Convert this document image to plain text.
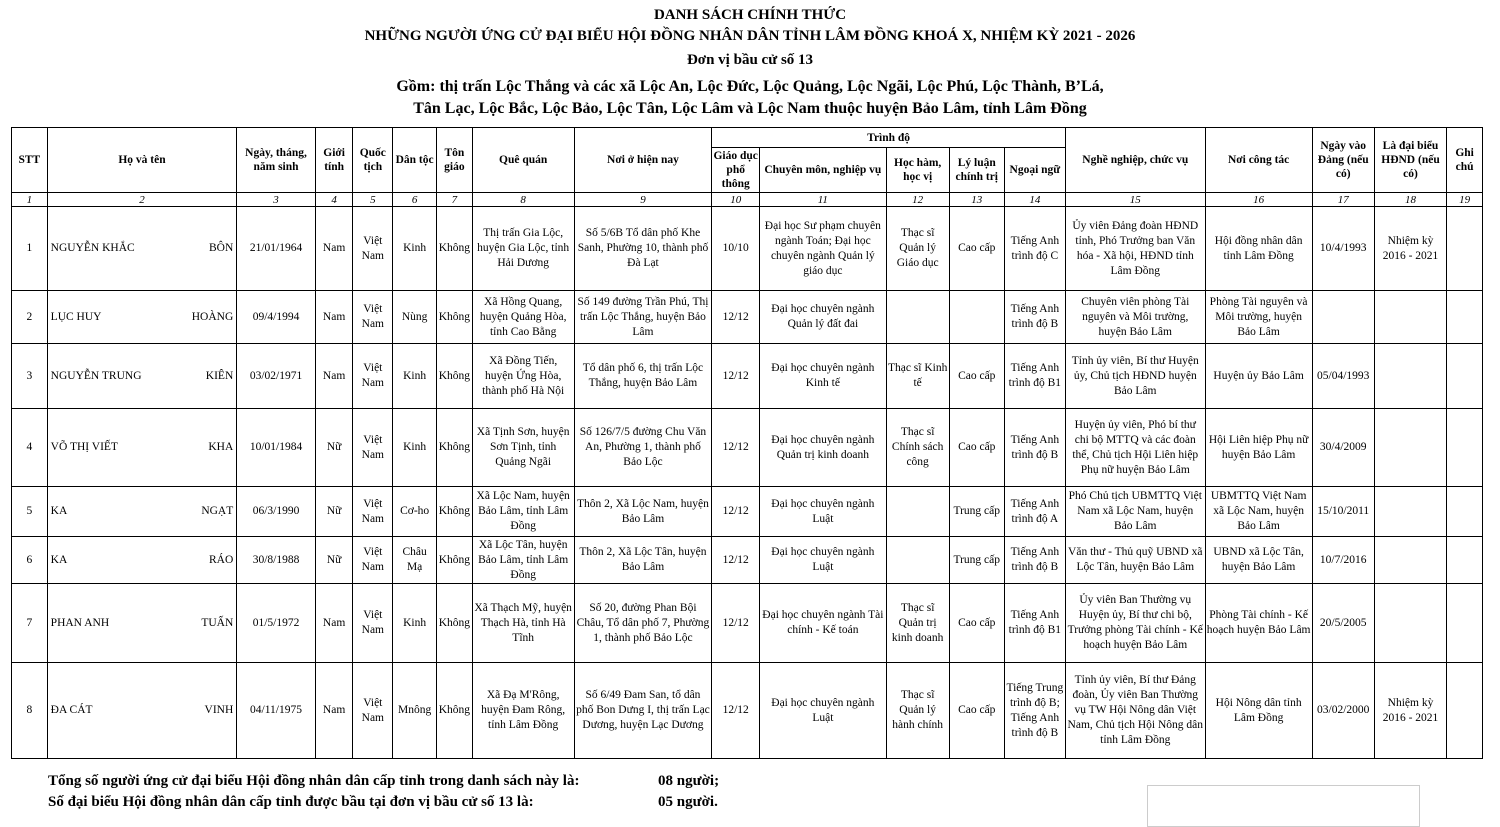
DANH SÁCH CHÍNH THỨC
NHỮNG NGƯỜI ỨNG CỬ ĐẠI BIỂU HỘI ĐỒNG NHÂN DÂN TỈNH LÂM ĐỒNG KHOÁ X, NHIỆM KỲ 2021 - 2026
Đơn vị bầu cử số 13
Gồm: thị trấn Lộc Thắng và các xã Lộc An, Lộc Đức, Lộc Quảng, Lộc Ngãi, Lộc Phú, Lộc Thành, B’Lá,
Tân Lạc, Lộc Bắc, Lộc Bảo, Lộc Tân, Lộc Lâm và Lộc Nam thuộc huyện Bảo Lâm, tỉnh Lâm Đồng
STT	Họ và tên	Ngày, tháng, năm sinh	Giới tính	Quốc tịch	Dân tộc	Tôn giáo	Quê quán	Nơi ở hiện nay	Trình độ					Nghề nghiệp, chức vụ	Nơi công tác	Ngày vào Đảng (nếu có)	Là đại biểu HĐND (nếu có)	Ghi chú
									Giáo dục phổ thông	Chuyên môn, nghiệp vụ	Học hàm, học vị	Lý luận chính trị	Ngoại ngữ					
1	2	3	4	5	6	7	8	9	10	11	12	13	14	15	16	17	18	19
1	NGUYỄN KHẮC BÔN	21/01/1964	Nam	Việt Nam	Kinh	Không	Thị trấn Gia Lộc, huyện Gia Lộc, tỉnh Hải Dương	Số 5/6B Tổ dân phố Khe Sanh, Phường 10, thành phố Đà Lạt	10/10	Đại học Sư phạm chuyên ngành Toán; Đại học chuyên ngành Quản lý giáo dục	Thạc sĩ Quản lý Giáo dục	Cao cấp	Tiếng Anh trình độ C	Ủy viên Đảng đoàn HĐND tỉnh, Phó Trưởng ban Văn hóa - Xã hội, HĐND tỉnh Lâm Đồng	Hội đồng nhân dân tỉnh Lâm Đồng	10/4/1993	Nhiệm kỳ 2016 - 2021	
2	LỤC HUY HOÀNG	09/4/1994	Nam	Việt Nam	Nùng	Không	Xã Hồng Quang, huyện Quảng Hòa, tỉnh Cao Bằng	Số 149 đường Trần Phú, Thị trấn Lộc Thắng, huyện Bảo Lâm	12/12	Đại học chuyên ngành Quản lý đất đai			Tiếng Anh trình độ B	Chuyên viên phòng Tài nguyên và Môi trường, huyện Bảo Lâm	Phòng Tài nguyên và Môi trường, huyện Bảo Lâm			
3	NGUYỄN TRUNG KIÊN	03/02/1971	Nam	Việt Nam	Kinh	Không	Xã Đồng Tiến, huyện Ứng Hòa, thành phố Hà Nội	Tổ dân phố 6, thị trấn Lộc Thắng, huyện Bảo Lâm	12/12	Đại học chuyên ngành Kinh tế	Thạc sĩ Kinh tế	Cao cấp	Tiếng Anh trình độ B1	Tỉnh ủy viên, Bí thư Huyện ủy, Chủ tịch HĐND huyện Bảo Lâm	Huyện ủy Bảo Lâm	05/04/1993		
4	VÕ THỊ VIẾT KHA	10/01/1984	Nữ	Việt Nam	Kinh	Không	Xã Tịnh Sơn, huyện Sơn Tịnh, tỉnh Quảng Ngãi	Số 126/7/5 đường Chu Văn An, Phường 1, thành phố Bảo Lộc	12/12	Đại học chuyên ngành Quản trị kinh doanh	Thạc sĩ Chính sách công	Cao cấp	Tiếng Anh trình độ B	Huyện ủy viên, Phó bí thư chi bộ MTTQ và các đoàn thể, Chủ tịch Hội Liên hiệp Phụ nữ huyện Bảo Lâm	Hội Liên hiệp Phụ nữ huyện Bảo Lâm	30/4/2009		
5	KA NGẠT	06/3/1990	Nữ	Việt Nam	Cơ-ho	Không	Xã Lộc Nam, huyện Bảo Lâm, tỉnh Lâm Đồng	Thôn 2, Xã Lộc Nam, huyện Bảo Lâm	12/12	Đại học chuyên ngành Luật		Trung cấp	Tiếng Anh trình độ A	Phó Chủ tịch UBMTTQ Việt Nam xã Lộc Nam, huyện Bảo Lâm	UBMTTQ Việt Nam xã Lộc Nam, huyện Bảo Lâm	15/10/2011		
6	KA RÁO	30/8/1988	Nữ	Việt Nam	Châu Mạ	Không	Xã Lộc Tân, huyện Bảo Lâm, tỉnh Lâm Đồng	Thôn 2, Xã Lộc Tân, huyện Bảo Lâm	12/12	Đại học chuyên ngành Luật		Trung cấp	Tiếng Anh trình độ B	Văn thư - Thủ quỹ UBND xã Lộc Tân, huyện Bảo Lâm	UBND xã Lộc Tân, huyện Bảo Lâm	10/7/2016		
7	PHAN ANH TUẤN	01/5/1972	Nam	Việt Nam	Kinh	Không	Xã Thạch Mỹ, huyện Thạch Hà, tỉnh Hà Tĩnh	Số 20, đường Phan Bội Châu, Tổ dân phố 7, Phường 1, thành phố Bảo Lộc	12/12	Đại học chuyên ngành Tài chính - Kế toán	Thạc sĩ Quản trị kinh doanh	Cao cấp	Tiếng Anh trình độ B1	Ủy viên Ban Thường vụ Huyện ủy, Bí thư chi bộ, Trưởng phòng Tài chính - Kế hoạch huyện Bảo Lâm	Phòng Tài chính - Kế hoạch huyện Bảo Lâm	20/5/2005		
8	ĐA CÁT VINH	04/11/1975	Nam	Việt Nam	Mnông	Không	Xã Đạ M'Rông, huyện Đam Rông, tỉnh Lâm Đồng	Số 6/49 Đam San, tổ dân phố Bon Dưng I, thị trấn Lạc Dương, huyện Lạc Dương	12/12	Đại học chuyên ngành Luật	Thạc sĩ Quản lý hành chính	Cao cấp	Tiếng Trung trình độ B; Tiếng Anh trình độ B	Tỉnh ủy viên, Bí thư Đảng đoàn, Ủy viên Ban Thường vụ TW Hội Nông dân Việt Nam, Chủ tịch Hội Nông dân tỉnh Lâm Đồng	Hội Nông dân tỉnh Lâm Đồng	03/02/2000	Nhiệm kỳ 2016 - 2021	
Tổng số người ứng cử đại biểu Hội đồng nhân dân cấp tỉnh trong danh sách này là:	08 người;
Số đại biểu Hội đồng nhân dân cấp tỉnh được bầu tại đơn vị bầu cử số 13 là:	05 người.
